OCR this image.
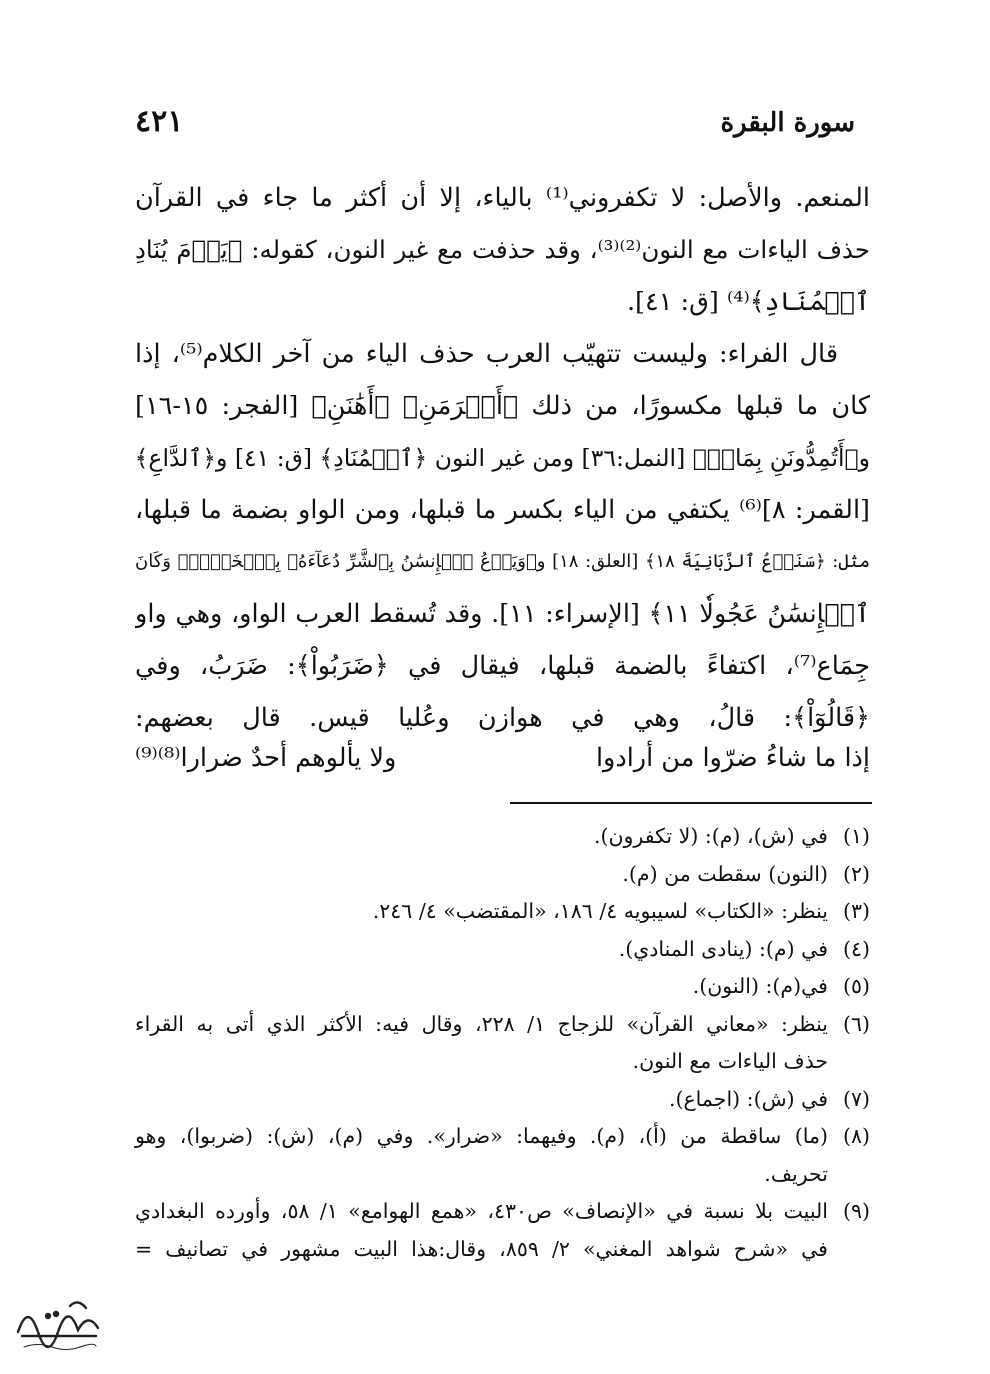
٤٢١	سورة البقرة
المنعم. والأصل: لا تكفروني⁽¹⁾ بالياء، إلا أن أكثر ما جاء في القرآن
حذف الياءات مع النون⁽²⁾⁽³⁾، وقد حذفت مع غير النون، كقوله: ﴿يَوۡمَ يُنَادِ
ٱلۡمُنَادِ﴾⁽⁴⁾ [ق: ٤١].
قال الفراء: وليست تتهيّب العرب حذف الياء من آخر الكلام⁽⁵⁾، إذا
كان ما قبلها مكسورًا، من ذلك ﴿أَكۡرَمَنِ﴾ ﴿أَهَٰنَنِ﴾ [الفجر: ١٥-١٦]
و﴿أَتُمِدُّونَنِ بِمَالٖ﴾ [النمل:٣٦] ومن غير النون ﴿ٱلۡمُنَادِ﴾ [ق: ٤١] و﴿ٱلدَّاعِ﴾
[القمر: ٨]⁽⁶⁾ يكتفي من الياء بكسر ما قبلها، ومن الواو بضمة ما قبلها،
مثل: ﴿سَنَدۡعُ ٱلزَّبَانِيَةَ ١٨﴾ [العلق: ١٨] و﴿وَيَدۡعُ ٱلۡإِنسَٰنُ بِٱلشَّرِّ دُعَآءَهُۥ بِٱلۡخَيۡرِۖ وَكَانَ
ٱلۡإِنسَٰنُ عَجُولٗا ١١﴾ [الإسراء: ١١]. وقد تُسقط العرب الواو، وهي واو
جِمَاع⁽⁷⁾، اكتفاءً بالضمة قبلها، فيقال في ﴿ضَرَبُواْ﴾: ضَرَبُ، وفي
﴿قَالُوٓاْ﴾: قالُ، وهي في هوازن وعُليا قيس. قال بعضهم:
إذا ما شاءُ ضرّوا من أرادوا
ولا يألوهم أحدٌ ضرارا⁽⁸⁾⁽⁹⁾
(١)
في (ش)، (م): (لا تكفرون).
(٢)
(النون) سقطت من (م).
(٣)
ينظر: «الكتاب» لسيبويه ٤/ ١٨٦، «المقتضب» ٤/ ٢٤٦.
(٤)
في (م): (ينادى المنادي).
(٥)
في(م): (النون).
(٦)
ينظر: «معاني القرآن» للزجاج ١/ ٢٢٨، وقال فيه: الأكثر الذي أتى به القراء
حذف الياءات مع النون.
(٧)
في (ش): (اجماع).
(٨)
(ما) ساقطة من (أ)، (م). وفيهما: «ضرار». وفي (م)، (ش): (ضربوا)، وهو
تحريف.
(٩)
البيت بلا نسبة في «الإنصاف» ص٤٣٠، «همع الهوامع» ١/ ٥٨، وأورده البغدادي
في «شرح شواهد المغني» ٢/ ٨٥٩، وقال:هذا البيت مشهور في تصانيف =
